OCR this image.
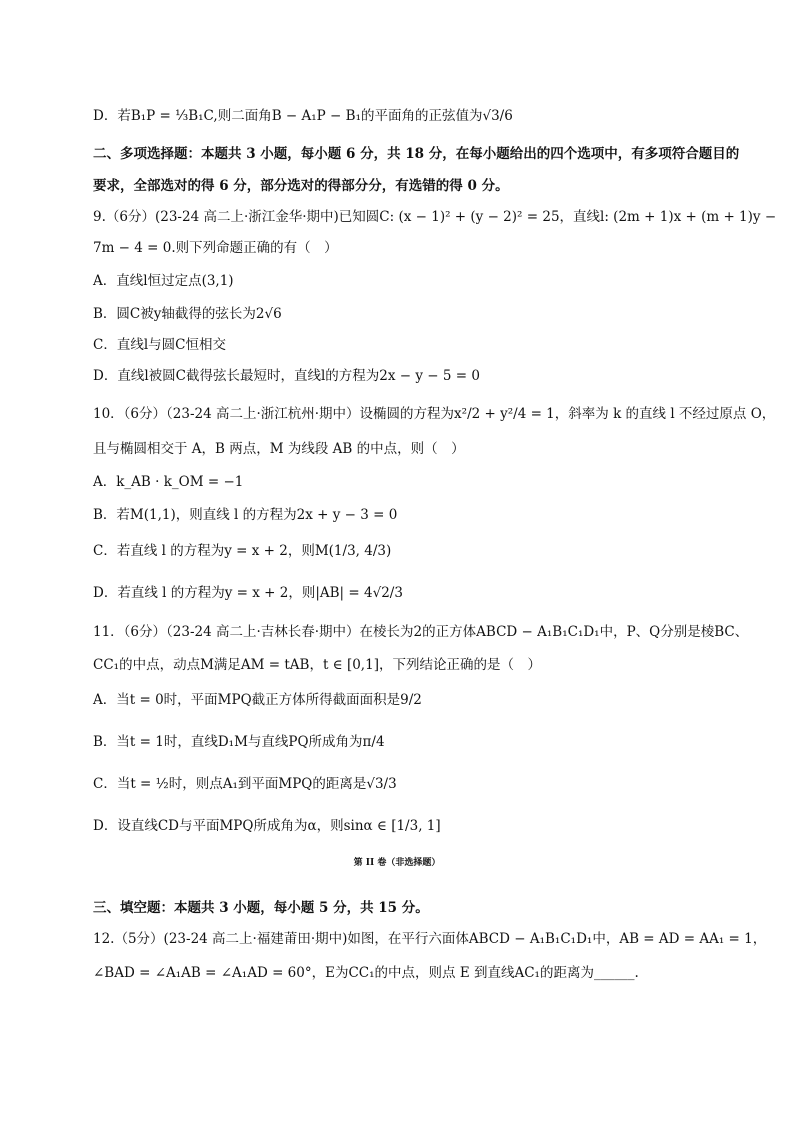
D．若B₁P = ⅓B₁C,则二面角B − A₁P − B₁的平面角的正弦值为√3/6
二、多项选择题：本题共 3 小题，每小题 6 分，共 18 分，在每小题给出的四个选项中，有多项符合题目的
要求，全部选对的得 6 分，部分选对的得部分分，有选错的得 0 分。
9.（6分）(23-24 高二上·浙江金华·期中)已知圆C: (x − 1)² + (y − 2)² = 25，直线l: (2m + 1)x + (m + 1)y −
7m − 4 = 0.则下列命题正确的有（　）
A．直线l恒过定点(3,1)
B．圆C被y轴截得的弦长为2√6
C．直线l与圆C恒相交
D．直线l被圆C截得弦长最短时，直线l的方程为2x − y − 5 = 0
10．（6分）（23-24 高二上·浙江杭州·期中）设椭圆的方程为x²/2 + y²/4 = 1，斜率为 k 的直线 l 不经过原点 O，
且与椭圆相交于 A，B 两点，M 为线段 AB 的中点，则（　）
A．k_AB · k_OM = −1
B．若M(1,1)，则直线 l 的方程为2x + y − 3 = 0
C．若直线 l 的方程为y = x + 2，则M(1/3, 4/3)
D．若直线 l 的方程为y = x + 2，则|AB| = 4√2/3
11．（6分）（23-24 高二上·吉林长春·期中）在棱长为2的正方体ABCD − A₁B₁C₁D₁中，P、Q分别是棱BC、
CC₁的中点，动点M满足AM = tAB，t ∈ [0,1]，下列结论正确的是（　）
A．当t = 0时，平面MPQ截正方体所得截面面积是9/2
B．当t = 1时，直线D₁M与直线PQ所成角为π/4
C．当t = ½时，则点A₁到平面MPQ的距离是√3/3
D．设直线CD与平面MPQ所成角为α，则sinα ∈ [1/3, 1]
第 II 卷（非选择题）
三、填空题：本题共 3 小题，每小题 5 分，共 15 分。
12.（5分）(23-24 高二上·福建莆田·期中)如图，在平行六面体ABCD − A₁B₁C₁D₁中，AB = AD = AA₁ = 1，
∠BAD = ∠A₁AB = ∠A₁AD = 60°，E为CC₁的中点，则点 E 到直线AC₁的距离为______.
